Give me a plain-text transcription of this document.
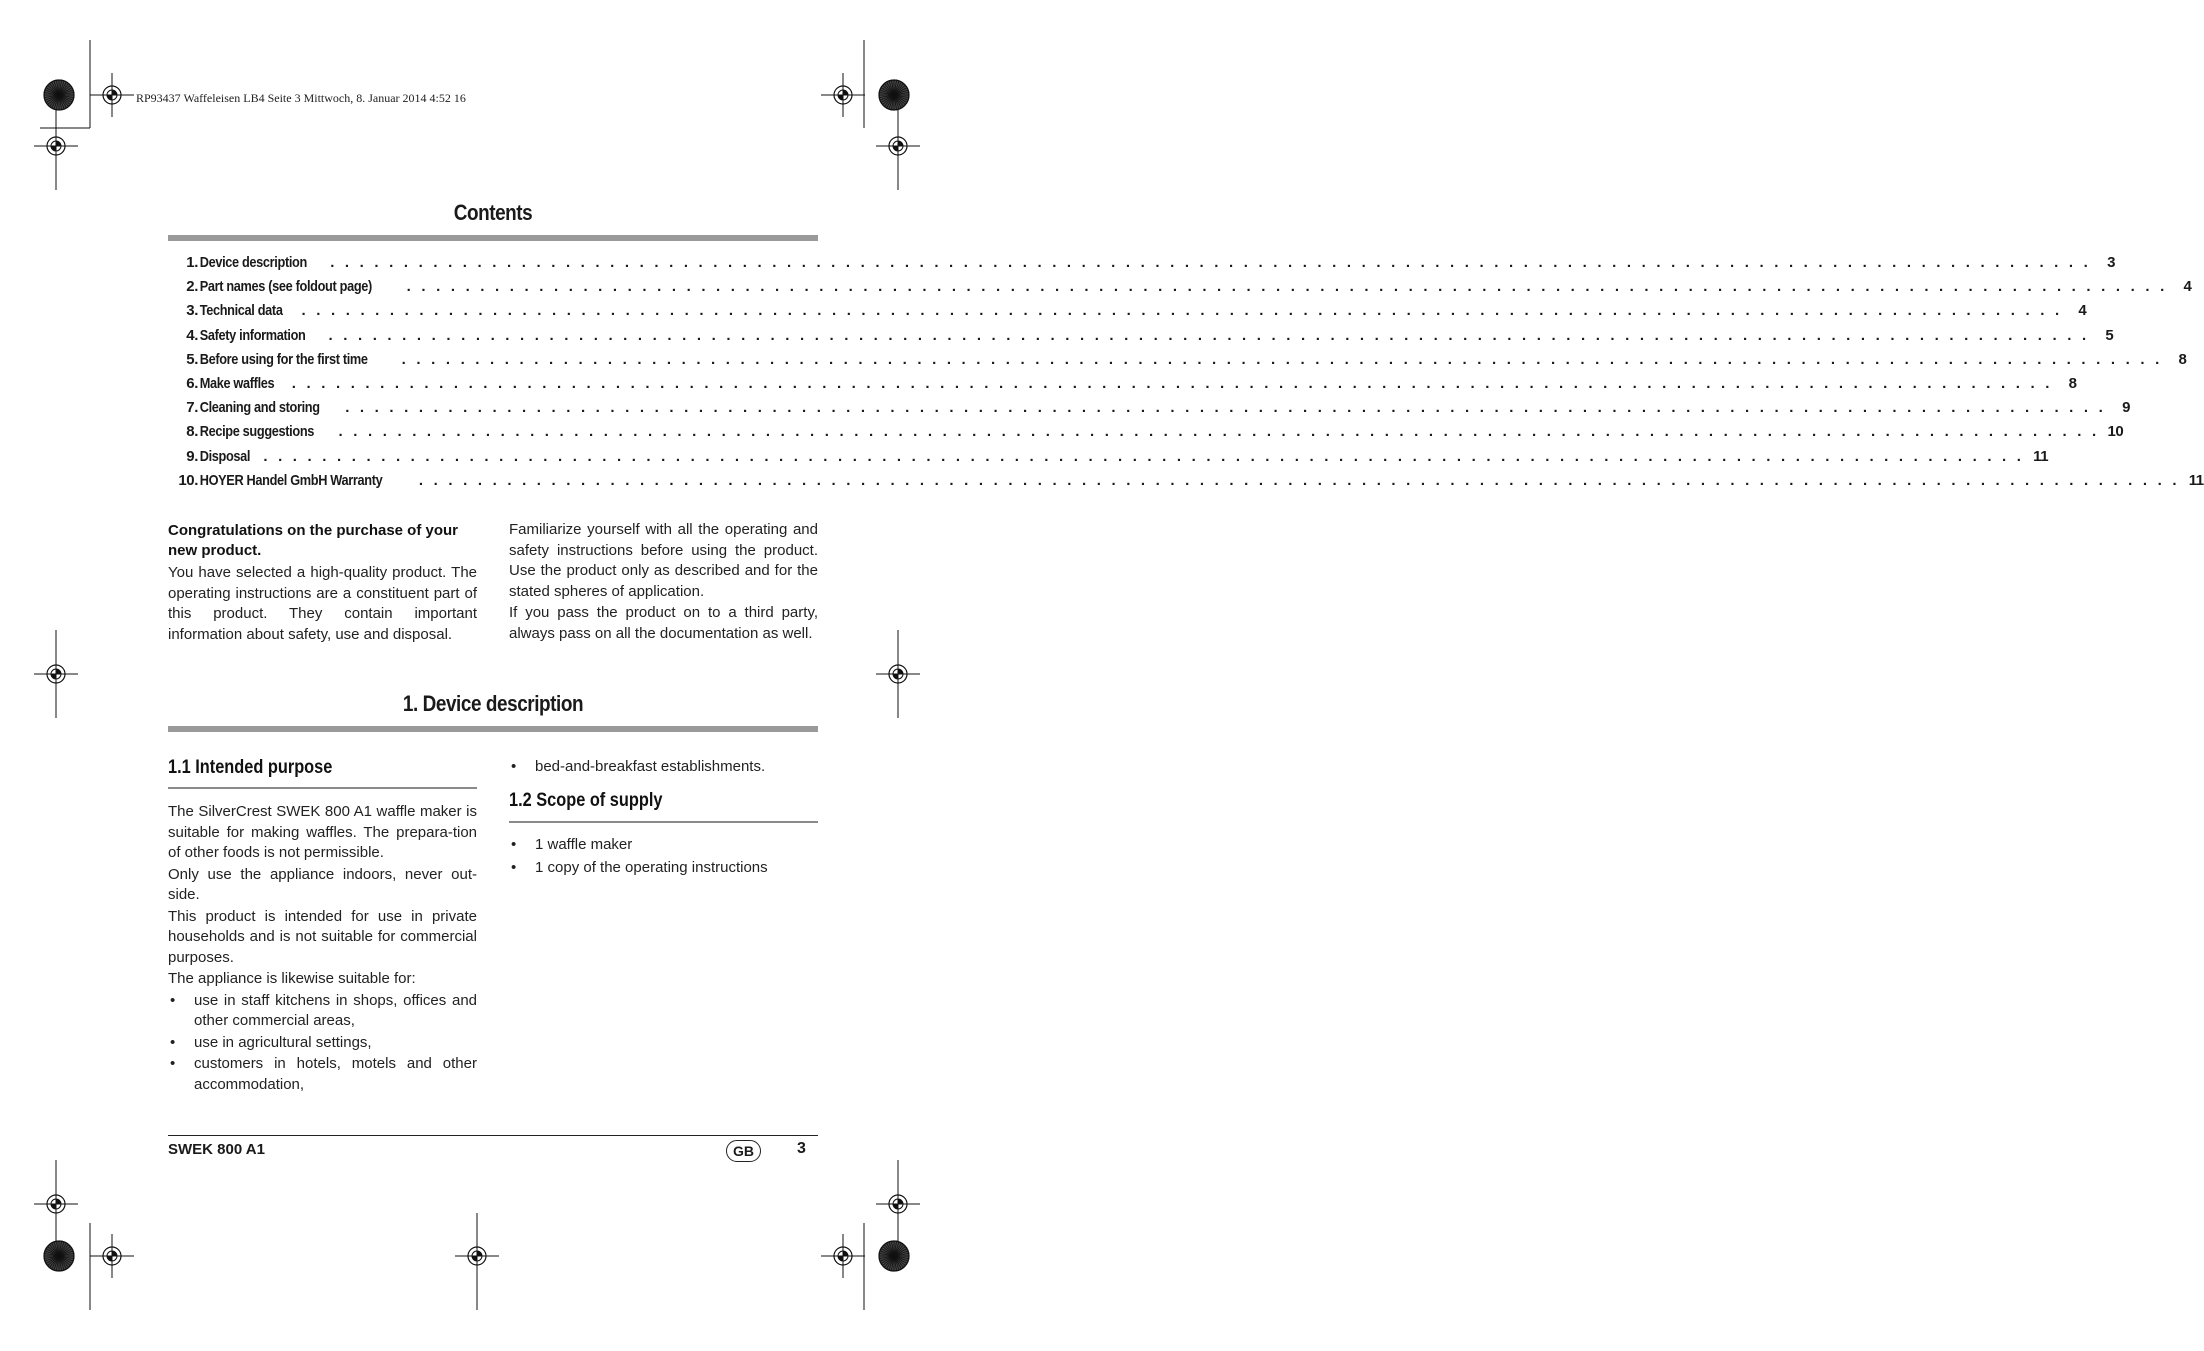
RP93437 Waffeleisen LB4 Seite 3 Mittwoch, 8. Januar 2014 4:52 16
Contents
1. Device description . . . . . . . . . . . . . . . . . . . . . . . . . . . . . . . . . . . . . . . . . . . . . . . . . . . . . . . . . . . . . . . . . . . . . . . . . . . . . . . . . . . . . . . . . . . . . . . . . . . . . . . . . . . . . . . . . . . . . . . .	3
2. Part names (see foldout page) . . . . . . . . . . . . . . . . . . . . . . . . . . . . . . . . . . . . . . . . . . . . . . . . . . . . . . . . . . . . . . . . . . . . . . . . . . . . . . . . . . . . . . . . . . . . . . . . . . . . . . . . . . . . . . . . . . . . . . . .	4
3. Technical data . . . . . . . . . . . . . . . . . . . . . . . . . . . . . . . . . . . . . . . . . . . . . . . . . . . . . . . . . . . . . . . . . . . . . . . . . . . . . . . . . . . . . . . . . . . . . . . . . . . . . . . . . . . . . . . . . . . . . . . .	4
4. Safety information . . . . . . . . . . . . . . . . . . . . . . . . . . . . . . . . . . . . . . . . . . . . . . . . . . . . . . . . . . . . . . . . . . . . . . . . . . . . . . . . . . . . . . . . . . . . . . . . . . . . . . . . . . . . . . . . . . . . . . . .	5
5. Before using for the first time . . . . . . . . . . . . . . . . . . . . . . . . . . . . . . . . . . . . . . . . . . . . . . . . . . . . . . . . . . . . . . . . . . . . . . . . . . . . . . . . . . . . . . . . . . . . . . . . . . . . . . . . . . . . . . . . . . . . . . . .	8
6. Make waffles . . . . . . . . . . . . . . . . . . . . . . . . . . . . . . . . . . . . . . . . . . . . . . . . . . . . . . . . . . . . . . . . . . . . . . . . . . . . . . . . . . . . . . . . . . . . . . . . . . . . . . . . . . . . . . . . . . . . . . . .	8
7. Cleaning and storing . . . . . . . . . . . . . . . . . . . . . . . . . . . . . . . . . . . . . . . . . . . . . . . . . . . . . . . . . . . . . . . . . . . . . . . . . . . . . . . . . . . . . . . . . . . . . . . . . . . . . . . . . . . . . . . . . . . . . . . .	9
8. Recipe suggestions . . . . . . . . . . . . . . . . . . . . . . . . . . . . . . . . . . . . . . . . . . . . . . . . . . . . . . . . . . . . . . . . . . . . . . . . . . . . . . . . . . . . . . . . . . . . . . . . . . . . . . . . . . . . . . . . . . . . . . . . 10
9. Disposal . . . . . . . . . . . . . . . . . . . . . . . . . . . . . . . . . . . . . . . . . . . . . . . . . . . . . . . . . . . . . . . . . . . . . . . . . . . . . . . . . . . . . . . . . . . . . . . . . . . . . . . . . . . . . . . . . . . . . . . . 11
10. HOYER Handel GmbH Warranty . . . . . . . . . . . . . . . . . . . . . . . . . . . . . . . . . . . . . . . . . . . . . . . . . . . . . . . . . . . . . . . . . . . . . . . . . . . . . . . . . . . . . . . . . . . . . . . . . . . . . . . . . . . . . . . . . . . . . . . . 11
Congratulations on the purchase of your new product.
You have selected a high-quality product. The operating instructions are a constituent part of this product. They contain important information about safety, use and disposal.
Familiarize yourself with all the operating and safety instructions before using the product. Use the product only as described and for the stated spheres of application.
If you pass the product on to a third party, always pass on all the documentation as well.
1. Device description
1.1 Intended purpose
The SilverCrest SWEK 800 A1 waffle maker is suitable for making waffles. The prepara-tion of other foods is not permissible.
Only use the appliance indoors, never out-side.
This product is intended for use in private households and is not suitable for commercial purposes.
The appliance is likewise suitable for:
• use in staff kitchens in shops, offices and other commercial areas,
• use in agricultural settings,
• customers in hotels, motels and other accommodation,
• bed-and-breakfast establishments.
1.2 Scope of supply
• 1 waffle maker
• 1 copy of the operating instructions
SWEK 800 A1	GB	3
